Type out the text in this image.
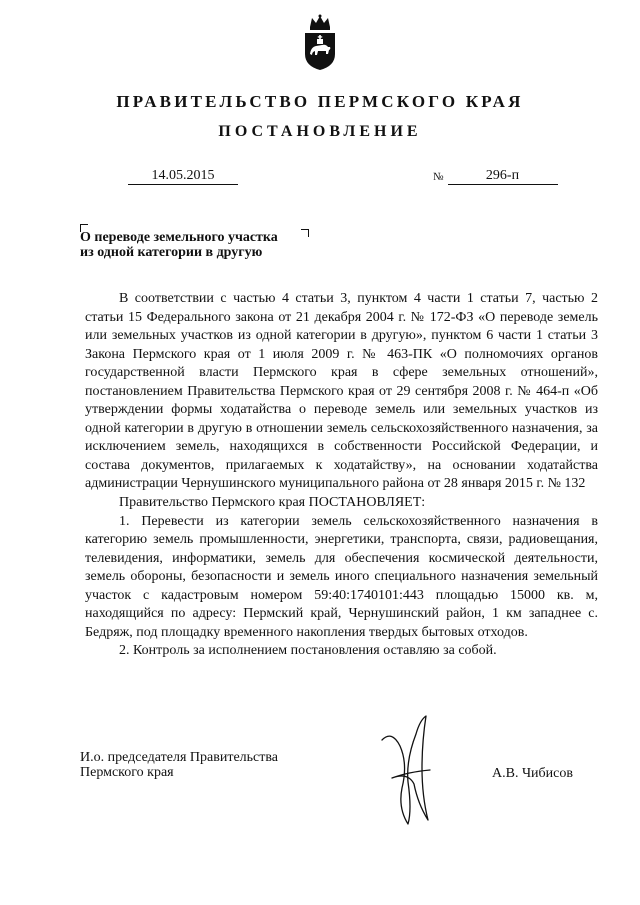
ПРАВИТЕЛЬСТВО ПЕРМСКОГО КРАЯ
ПОСТАНОВЛЕНИЕ
14.05.2015	№	296-п
О переводе земельного участка
из одной категории в другую

В соответствии с частью 4 статьи 3, пунктом 4 части 1 статьи 7, частью 2 статьи 15 Федерального закона от 21 декабря 2004 г. № 172-ФЗ «О переводе земель или земельных участков из одной категории в другую», пунктом 6 части 1 статьи 3 Закона Пермского края от 1 июля 2009 г. № 463-ПК «О полномочиях органов государственной власти Пермского края в сфере земельных отношений», постановлением Правительства Пермского края от 29 сентября 2008 г. № 464-п «Об утверждении формы ходатайства о переводе земель или земельных участков из одной категории в другую в отношении земель сельскохозяйственного назначения, за исключением земель, находящихся в собственности Российской Федерации, и состава документов, прилагаемых к ходатайству», на основании ходатайства администрации Чернушинского муниципального района от 28 января 2015 г. № 132

Правительство Пермского края ПОСТАНОВЛЯЕТ:

1. Перевести из категории земель сельскохозяйственного назначения в категорию земель промышленности, энергетики, транспорта, связи, радиовещания, телевидения, информатики, земель для обеспечения космической деятельности, земель обороны, безопасности и земель иного специального назначения земельный участок с кадастровым номером 59:40:1740101:443 площадью 15000 кв. м, находящийся по адресу: Пермский край, Чернушинский район, 1 км западнее с. Бедряж, под площадку временного накопления твердых бытовых отходов.

2. Контроль за исполнением постановления оставляю за собой.

И.о. председателя Правительства
Пермского края	А.В. Чибисов
